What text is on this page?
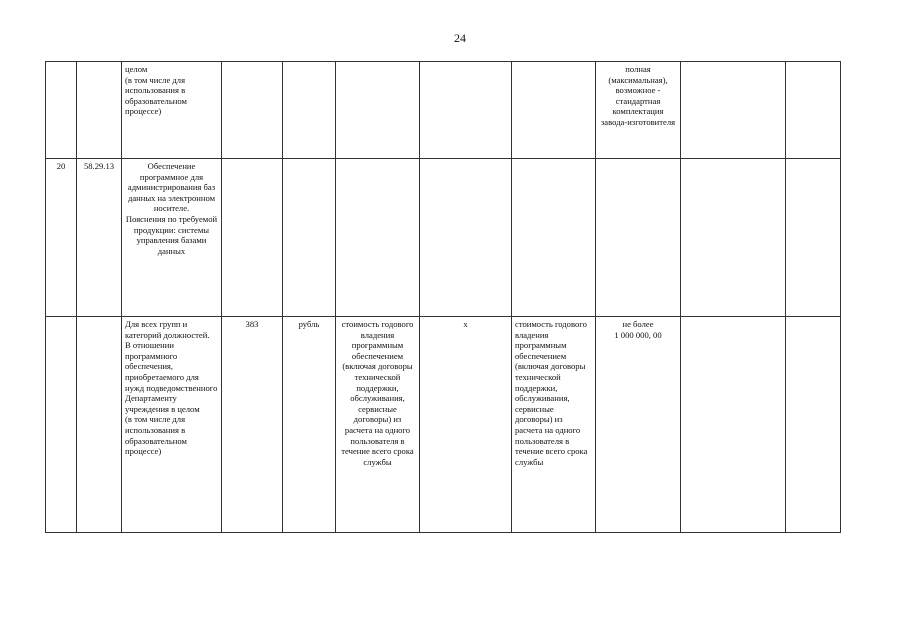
24
		целом
(в том числе для использования в образовательном процессе)						полная (максимальная), возможное - стандартная комплектация завода-изготовителя		
20	58.29.13	Обеспечение программное для администрирования баз данных на электронном носителе.
Пояснения по требуемой продукции: системы управления базами данных								
		Для всех групп и категорий должностей.
В отношении программного обеспечения, приобретаемого для нужд подведомственного Департаменту учреждения в целом
(в том числе для использования в образовательном процессе)	383	рубль	стоимость годового владения программным обеспечением (включая договоры технической поддержки, обслуживания, сервисные договоры) из расчета на одного пользователя в течение всего срока службы	х	стоимость годового владения программным обеспечением (включая договоры технической поддержки, обслуживания, сервисные договоры) из расчета на одного пользователя в течение всего срока службы	не более
1 000 000, 00		
